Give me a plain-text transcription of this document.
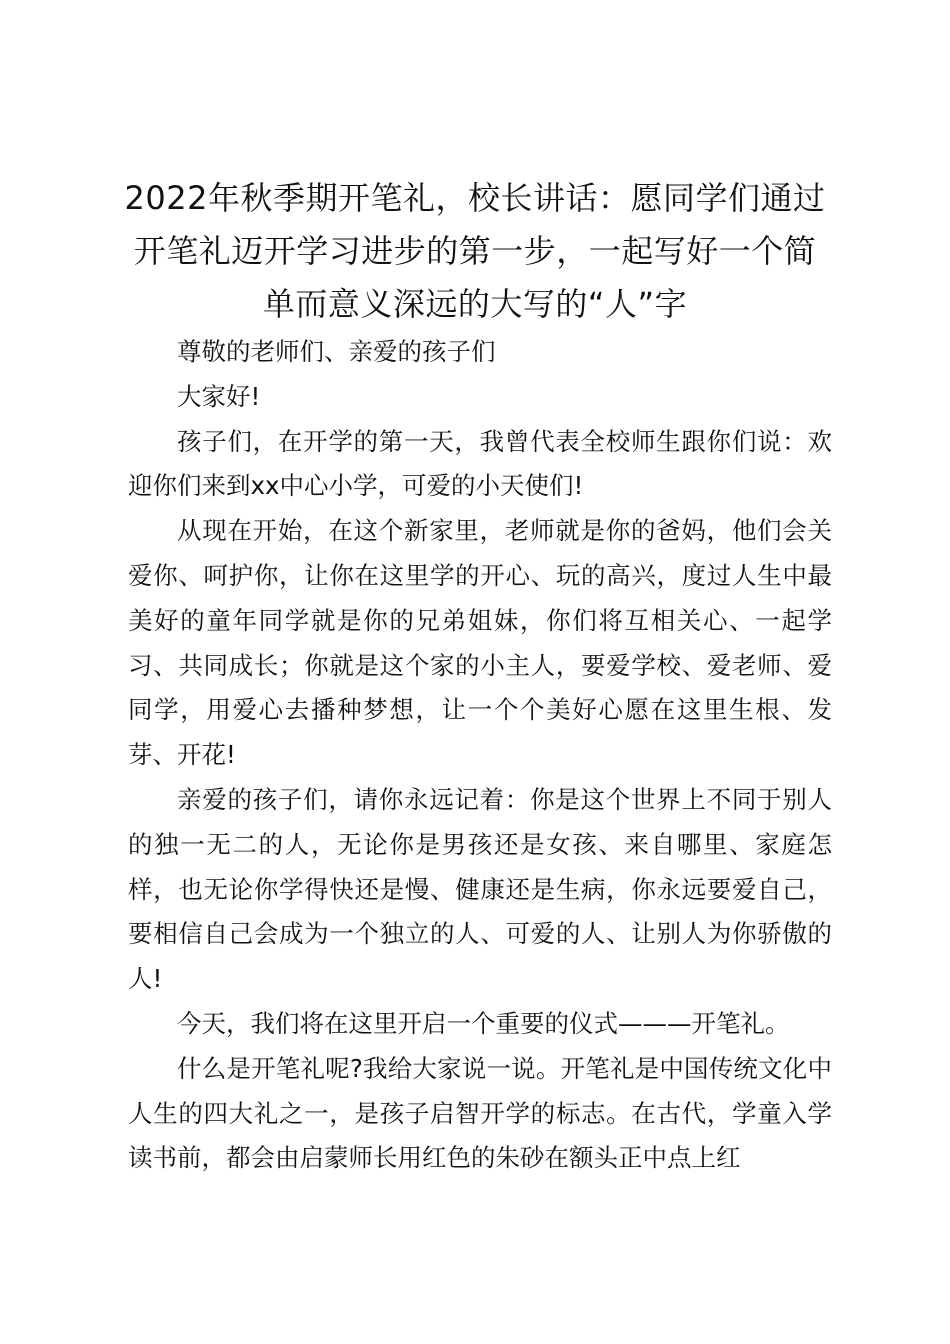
2022年秋季期开笔礼，校长讲话：愿同学们通过开笔礼迈开学习进步的第一步，一起写好一个简单而意义深远的大写的“人”字

尊敬的老师们、亲爱的孩子们

大家好!

孩子们，在开学的第一天，我曾代表全校师生跟你们说：欢迎你们来到xx中心小学，可爱的小天使们!

从现在开始，在这个新家里，老师就是你的爸妈，他们会关爱你、呵护你，让你在这里学的开心、玩的高兴，度过人生中最美好的童年同学就是你的兄弟姐妹，你们将互相关心、一起学习、共同成长；你就是这个家的小主人，要爱学校、爱老师、爱同学，用爱心去播种梦想，让一个个美好心愿在这里生根、发芽、开花!

亲爱的孩子们，请你永远记着：你是这个世界上不同于别人的独一无二的人，无论你是男孩还是女孩、来自哪里、家庭怎样，也无论你学得快还是慢、健康还是生病，你永远要爱自己，要相信自己会成为一个独立的人、可爱的人、让别人为你骄傲的人!

今天，我们将在这里开启一个重要的仪式———开笔礼。

什么是开笔礼呢?我给大家说一说。开笔礼是中国传统文化中人生的四大礼之一，是孩子启智开学的标志。在古代，学童入学读书前，都会由启蒙师长用红色的朱砂在额头正中点上红
